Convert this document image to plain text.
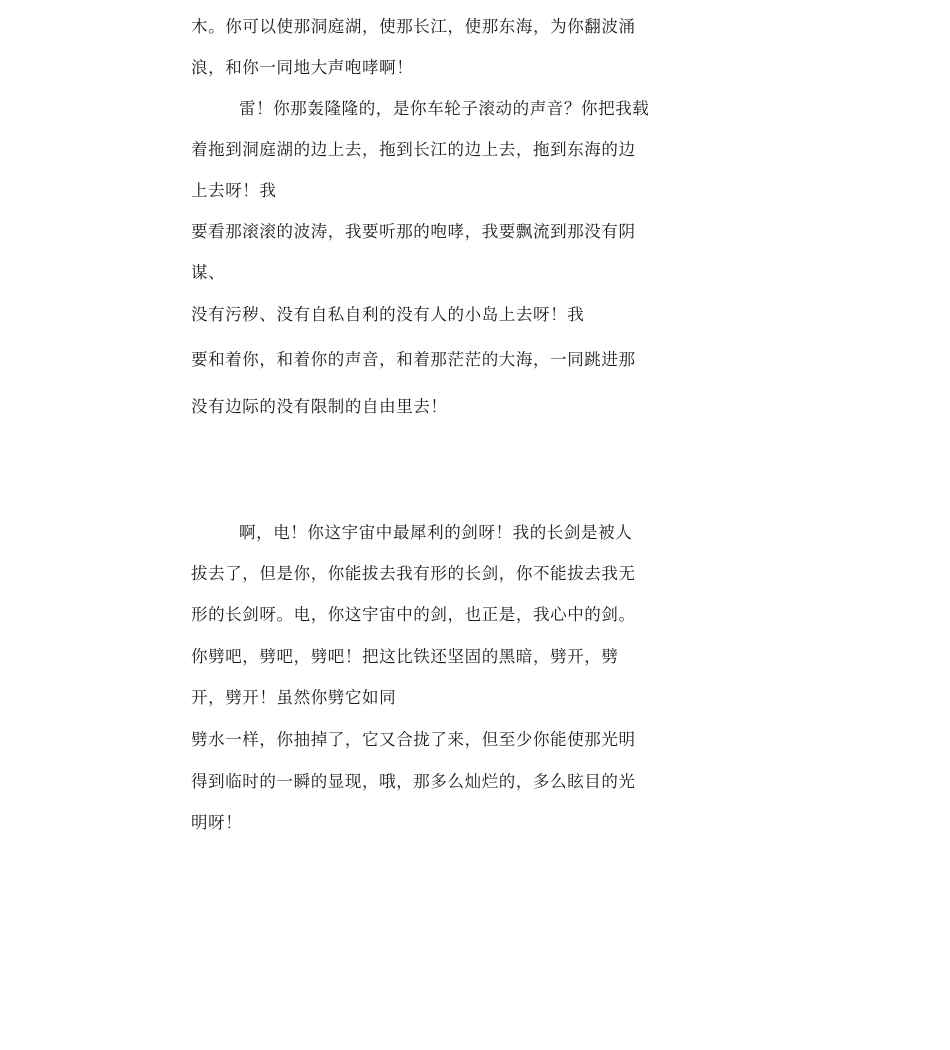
木。你可以使那洞庭湖，使那长江，使那东海，为你翻波涌

浪，和你一同地大声咆哮啊！

雷！你那轰隆隆的，是你车轮子滚动的声音？你把我载

着拖到洞庭湖的边上去，拖到长江的边上去，拖到东海的边

上去呀！我

要看那滚滚的波涛，我要听那的咆哮，我要飘流到那没有阴

谋、

没有污秽、没有自私自利的没有人的小岛上去呀！我

要和着你，和着你的声音，和着那茫茫的大海，一同跳进那

没有边际的没有限制的自由里去！

啊，电！你这宇宙中最犀利的剑呀！我的长剑是被人

拔去了，但是你，你能拔去我有形的长剑，你不能拔去我无

形的长剑呀。电，你这宇宙中的剑，也正是，我心中的剑。

你劈吧，劈吧，劈吧！把这比铁还坚固的黑暗，劈开，劈

开，劈开！虽然你劈它如同

劈水一样，你抽掉了，它又合拢了来，但至少你能使那光明

得到临时的一瞬的显现，哦，那多么灿烂的，多么眩目的光

明呀！
